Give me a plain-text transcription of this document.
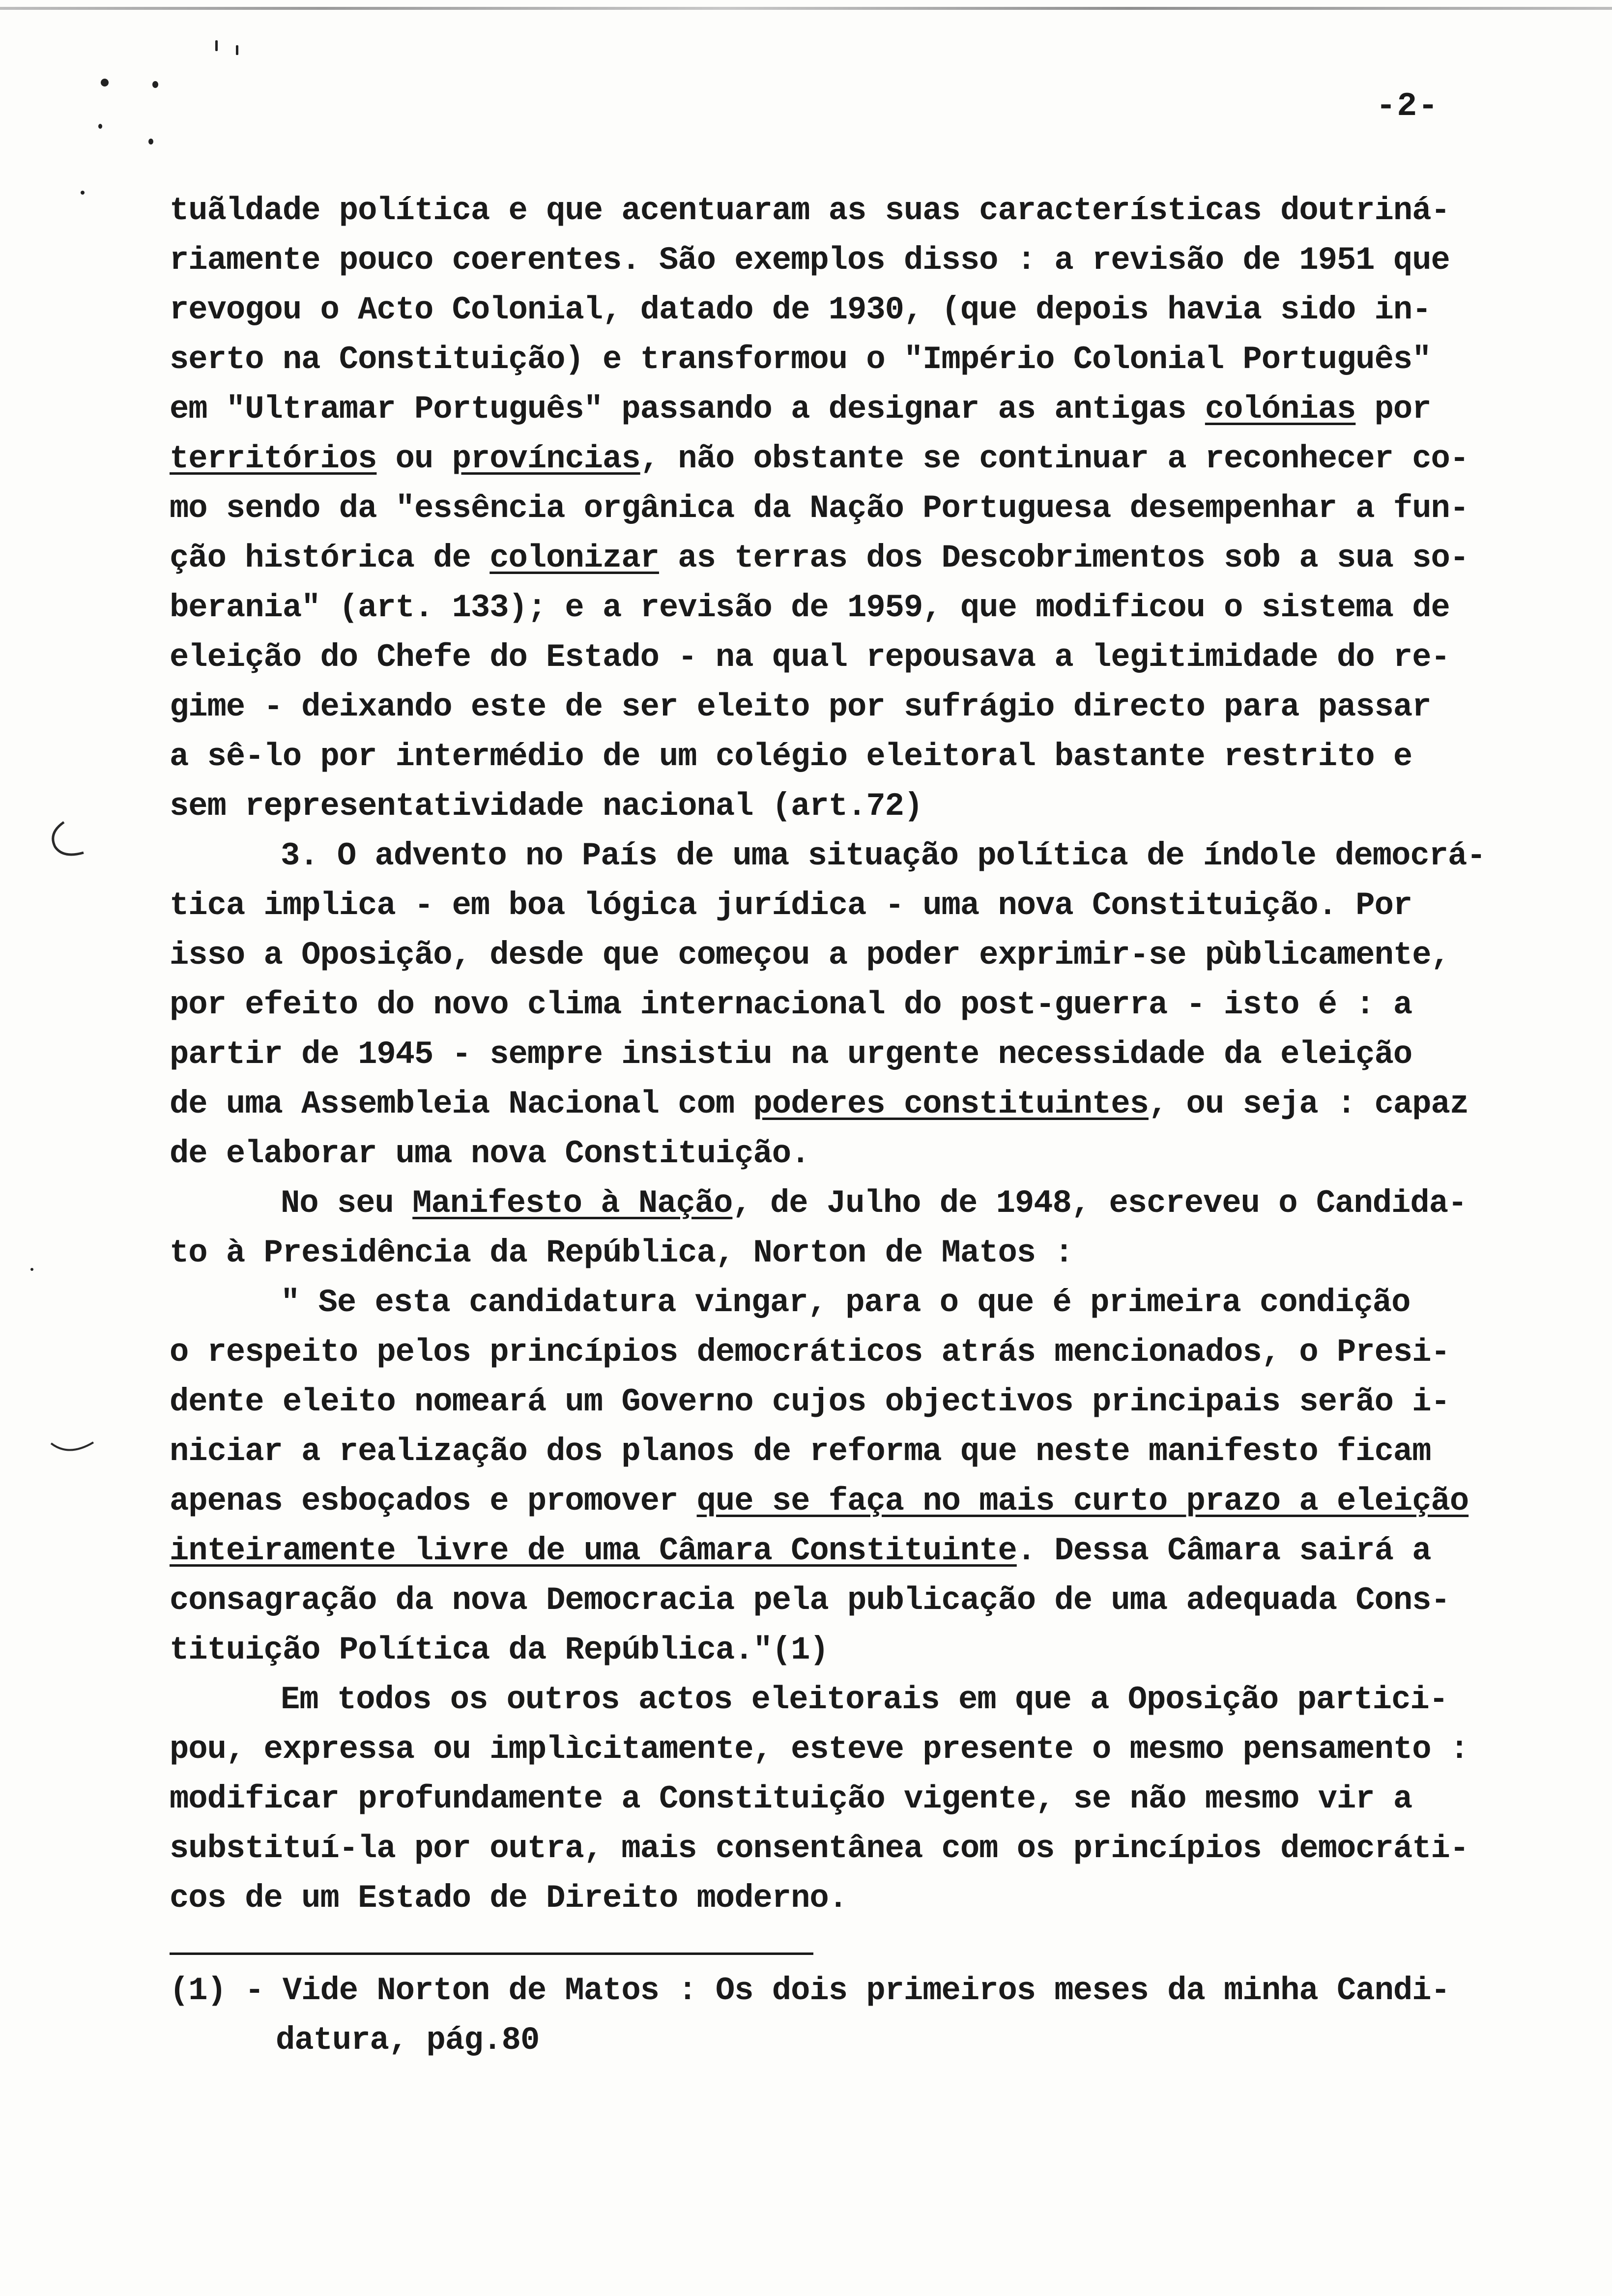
-2-
tuãldade política e que acentuaram as suas características doutriná-
riamente pouco coerentes. São exemplos disso : a revisão de 1951 que
revogou o Acto Colonial, datado de 1930, (que depois havia sido in-
serto na Constituição) e transformou o "Império Colonial Português"
em "Ultramar Português" passando a designar as antigas colónias por
territórios ou províncias, não obstante se continuar a reconhecer co-
mo sendo da "essência orgânica da Nação Portuguesa desempenhar a fun-
ção histórica de colonizar as terras dos Descobrimentos sob a sua so-
berania" (art. 133); e a revisão de 1959, que modificou o sistema de
eleição do Chefe do Estado - na qual repousava a legitimidade do re-
gime - deixando este de ser eleito por sufrágio directo para passar
a sê-lo por intermédio de um colégio eleitoral bastante restrito e
sem representatividade nacional (art.72)
3. O advento no País de uma situação política de índole democrá-
tica implica - em boa lógica jurídica - uma nova Constituição. Por
isso a Oposição, desde que começou a poder exprimir-se pùblicamente,
por efeito do novo clima internacional do post-guerra - isto é : a
partir de 1945 - sempre insistiu na urgente necessidade da eleição
de uma Assembleia Nacional com poderes constituintes, ou seja : capaz
de elaborar uma nova Constituição.
No seu Manifesto à Nação, de Julho de 1948, escreveu o Candida-
to à Presidência da República, Norton de Matos :
" Se esta candidatura vingar, para o que é primeira condição
o respeito pelos princípios democráticos atrás mencionados, o Presi-
dente eleito nomeará um Governo cujos objectivos principais serão i-
niciar a realização dos planos de reforma que neste manifesto ficam
apenas esboçados e promover que se faça no mais curto prazo a eleição
inteiramente livre de uma Câmara Constituinte. Dessa Câmara sairá a
consagração da nova Democracia pela publicação de uma adequada Cons-
tituição Política da República."(1)
Em todos os outros actos eleitorais em que a Oposição partici-
pou, expressa ou implìcitamente, esteve presente o mesmo pensamento :
modificar profundamente a Constituição vigente, se não mesmo vir a
substituí-la por outra, mais consentânea com os princípios democráti-
cos de um Estado de Direito moderno.
(1) - Vide Norton de Matos : Os dois primeiros meses da minha Candi-
datura, pág.80
